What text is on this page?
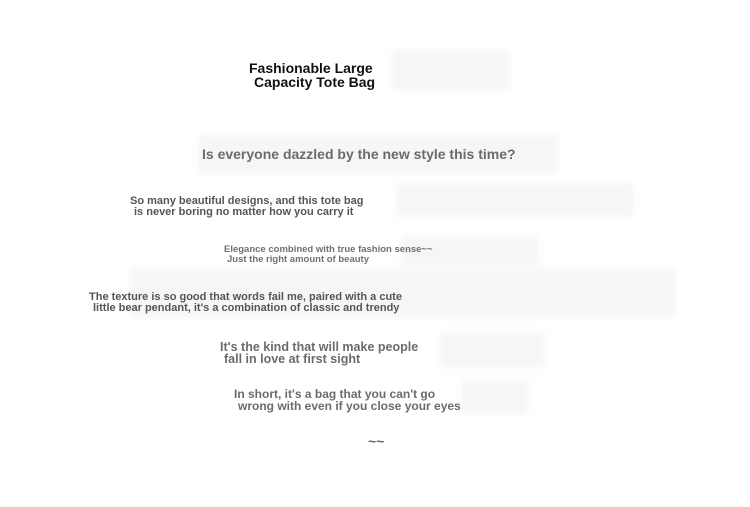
Fashionable Large
Capacity Tote Bag
Is everyone dazzled by the new style this time?

So many beautiful designs, and this tote bag
is never boring no matter how you carry it

Elegance combined with true fashion sense~~
Just the right amount of beauty

The texture is so good that words fail me, paired with a cute
little bear pendant, it's a combination of classic and trendy

It's the kind that will make people
fall in love at first sight

In short, it's a bag that you can't go
wrong with even if you close your eyes

~~
